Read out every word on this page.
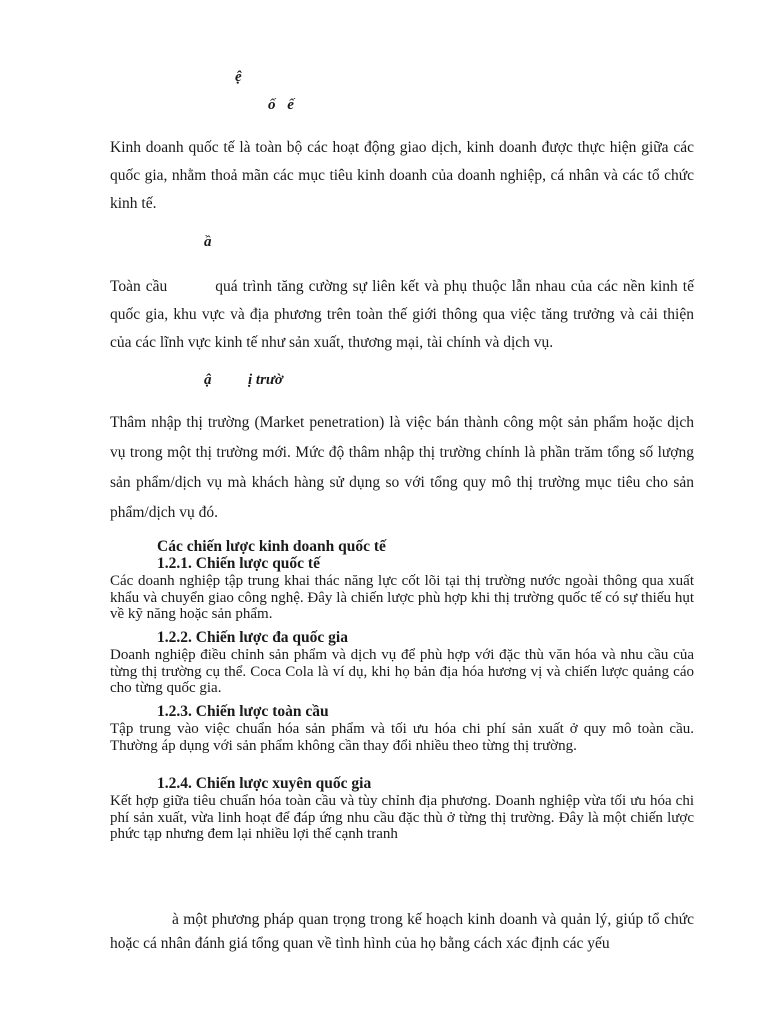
ệ
ố ế

Kinh doanh quốc tế là toàn bộ các hoạt động giao dịch, kinh doanh được thực hiện giữa các quốc gia, nhằm thoả mãn các mục tiêu kinh doanh của doanh nghiệp, cá nhân và các tổ chức kinh tế.

ầ

Toàn cầu	quá trình tăng cường sự liên kết và phụ thuộc lẫn nhau của các nền kinh tế quốc gia, khu vực và địa phương trên toàn thế giới thông qua việc tăng trưởng và cải thiện của các lĩnh vực kinh tế như sản xuất, thương mại, tài chính và dịch vụ.

ậ ị trườ

Thâm nhập thị trường (Market penetration) là việc bán thành công một sản phẩm hoặc dịch vụ trong một thị trường mới. Mức độ thâm nhập thị trường chính là phần trăm tổng số lượng sản phẩm/dịch vụ mà khách hàng sử dụng so với tổng quy mô thị trường mục tiêu cho sản phẩm/dịch vụ đó.

Các chiến lược kinh doanh quốc tế
1.2.1. Chiến lược quốc tế

Các doanh nghiệp tập trung khai thác năng lực cốt lõi tại thị trường nước ngoài thông qua xuất khẩu và chuyển giao công nghệ. Đây là chiến lược phù hợp khi thị trường quốc tế có sự thiếu hụt về kỹ năng hoặc sản phẩm.

1.2.2. Chiến lược đa quốc gia

Doanh nghiệp điều chỉnh sản phẩm và dịch vụ để phù hợp với đặc thù văn hóa và nhu cầu của từng thị trường cụ thể. Coca Cola là ví dụ, khi họ bản địa hóa hương vị và chiến lược quảng cáo cho từng quốc gia.

1.2.3. Chiến lược toàn cầu

Tập trung vào việc chuẩn hóa sản phẩm và tối ưu hóa chi phí sản xuất ở quy mô toàn cầu. Thường áp dụng với sản phẩm không cần thay đổi nhiều theo từng thị trường.

1.2.4. Chiến lược xuyên quốc gia

Kết hợp giữa tiêu chuẩn hóa toàn cầu và tùy chỉnh địa phương. Doanh nghiệp vừa tối ưu hóa chi phí sản xuất, vừa linh hoạt để đáp ứng nhu cầu đặc thù ở từng thị trường. Đây là một chiến lược phức tạp nhưng đem lại nhiều lợi thế cạnh tranh

à một phương pháp quan trọng trong kế hoạch kinh doanh và quản lý, giúp tổ chức hoặc cá nhân đánh giá tổng quan về tình hình của họ bằng cách xác định các yếu
